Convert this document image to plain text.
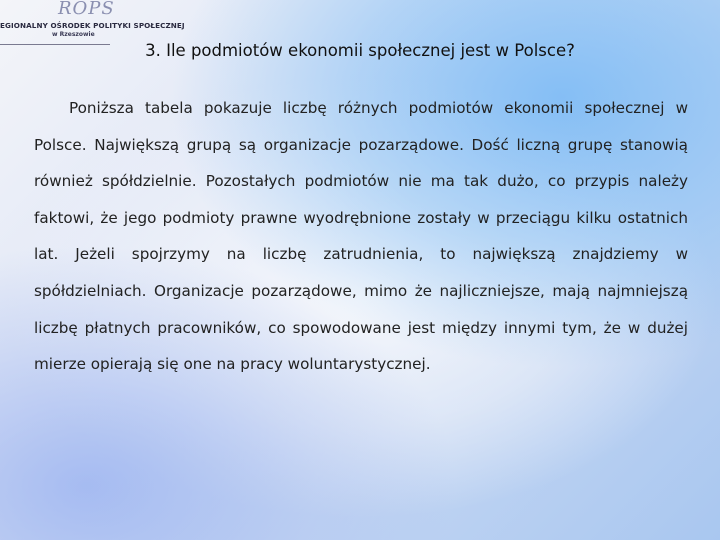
ROPS
EGIONALNY OŚRODEK POLITYKI SPOŁECZNEJ
w Rzeszowie
3. Ile podmiotów ekonomii społecznej jest w Polsce?

Poniższa tabela pokazuje liczbę różnych podmiotów ekonomii społecznej w Polsce. Największą grupą są organizacje pozarządowe. Dość liczną grupę stanowią również spółdzielnie. Pozostałych podmiotów nie ma tak dużo, co przypis należy faktowi, że jego podmioty prawne wyodrębnione zostały w przeciągu kilku ostatnich lat. Jeżeli spojrzymy na liczbę zatrudnienia, to największą znajdziemy w spółdzielniach. Organizacje pozarządowe, mimo że najliczniejsze, mają najmniejszą liczbę płatnych pracowników, co spowodowane jest między innymi tym, że w dużej mierze opierają się one na pracy woluntarystycznej.
